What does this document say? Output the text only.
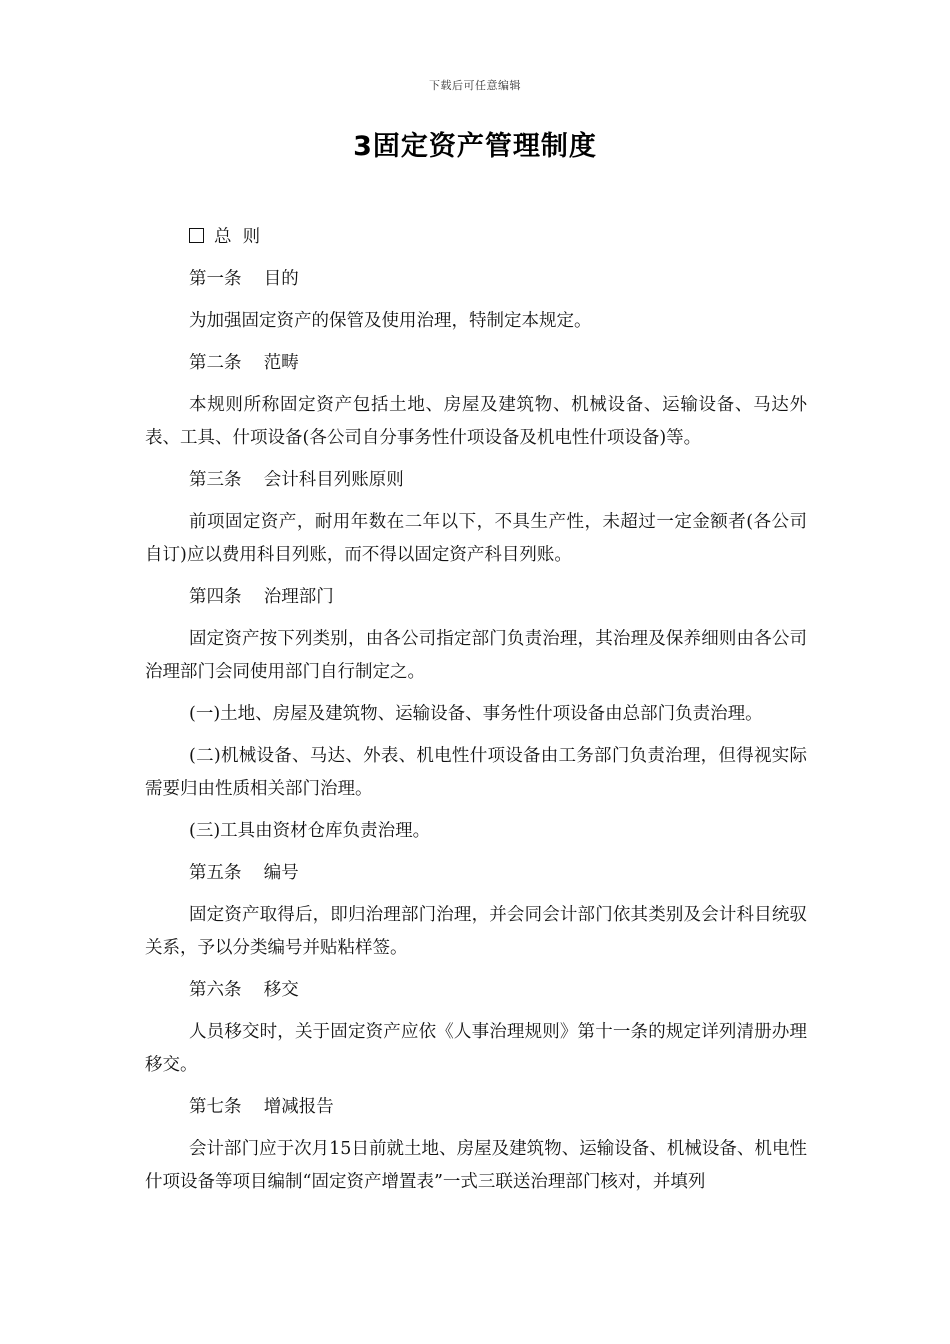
下载后可任意编辑
3固定资产管理制度

总  则

第一条    目的

为加强固定资产的保管及使用治理，特制定本规定。

第二条    范畴

本规则所称固定资产包括土地、房屋及建筑物、机械设备、运输设备、马达外表、工具、什项设备(各公司自分事务性什项设备及机电性什项设备)等。

第三条    会计科目列账原则

前项固定资产，耐用年数在二年以下，不具生产性，未超过一定金额者(各公司自订)应以费用科目列账，而不得以固定资产科目列账。

第四条    治理部门

固定资产按下列类别，由各公司指定部门负责治理，其治理及保养细则由各公司治理部门会同使用部门自行制定之。

(一)土地、房屋及建筑物、运输设备、事务性什项设备由总部门负责治理。

(二)机械设备、马达、外表、机电性什项设备由工务部门负责治理，但得视实际需要归由性质相关部门治理。

(三)工具由资材仓库负责治理。

第五条    编号

固定资产取得后，即归治理部门治理，并会同会计部门依其类别及会计科目统驭关系，予以分类编号并贴粘样签。

第六条    移交

人员移交时，关于固定资产应依《人事治理规则》第十一条的规定详列清册办理移交。

第七条    增减报告

会计部门应于次月15日前就土地、房屋及建筑物、运输设备、机械设备、机电性什项设备等项目编制“固定资产增置表”一式三联送治理部门核对，并填列
